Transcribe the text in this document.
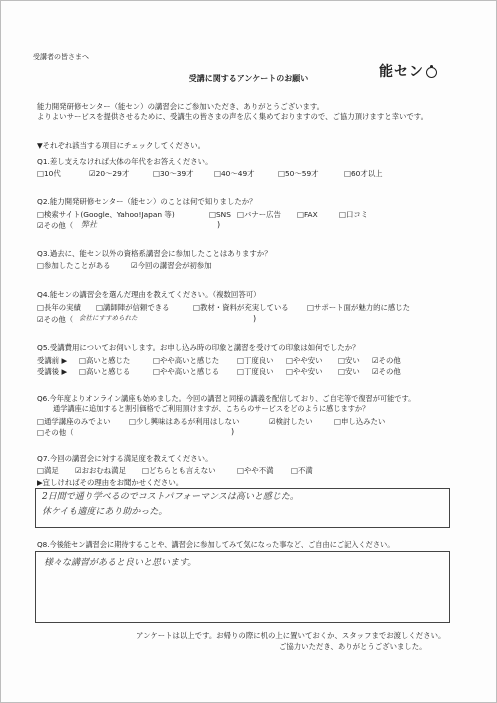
受講者の皆さまへ
受講に関するアンケートのお願い	能セン
能力開発研修センター（能セン）の講習会にご参加いただき、ありがとうございます。
よりよいサービスを提供させるために、受講生の皆さまの声を広く集めておりますので、ご協力頂けますと幸いです。
▼それぞれ該当する項目にチェックしてください。
Q1.差し支えなければ大体の年代をお答えください。
□10代	☑20～29才	□30～39才	□40～49才	□50～59才	□60才以上
Q2.能力開発研修センター（能セン）のことは何で知りましたか？
□検索サイト(Google、Yahoo!Japan 等)	□SNS □バナー広告 □FAX	□口コミ
☑その他（ 弊社	)
Q3.過去に、能セン以外の資格系講習会に参加したことはありますか？
□参加したことがある	☑今回の講習会が初参加
Q4.能センの講習会を選んだ理由を教えてください。（複数回答可）
□長年の実績 □講師陣が信頼できる	□教材・資料が充実している □サポート面が魅力的に感じた
☑その他（ 会社にすすめられた	)
Q5.受講費用についてお伺いします。お申し込み時の印象と講習を受けての印象は如何でしたか？
受講前 ▶ □高いと感じた	□やや高いと感じた □丁度良い □やや安い □安い ☑その他
受講後 ▶ □高いと感じる	□やや高いと感じる □丁度良い □やや安い □安い ☑その他
Q6.今年度よりオンライン講座も始めました。今回の講習と同様の講義を配信しており、ご自宅等で復習が可能です。
通学講座に追加すると割引価格でご利用頂けますが、こちらのサービスをどのように感じますか？
□通学講座のみでよい	□少し興味はあるが利用はしない	☑検討したい	□申し込みたい
□その他（	)
Q7.今回の講習会に対する満足度を教えてください。
□満足 ☑おおむね満足 □どちらとも言えない	□やや不満 □不満
▶宜しければその理由をお聞かせください。
2日間で通り学べるのでコストパフォーマンスは高いと感じた。
休ケイも適度にあり助かった。
Q8.今後能セン講習会に期待することや、講習会に参加してみて気になった事など、ご自由にご記入ください。
様々な講習があると良いと思います。
アンケートは以上です。お帰りの際に机の上に置いておくか、スタッフまでお渡しください。
ご協力いただき、ありがとうございました。
